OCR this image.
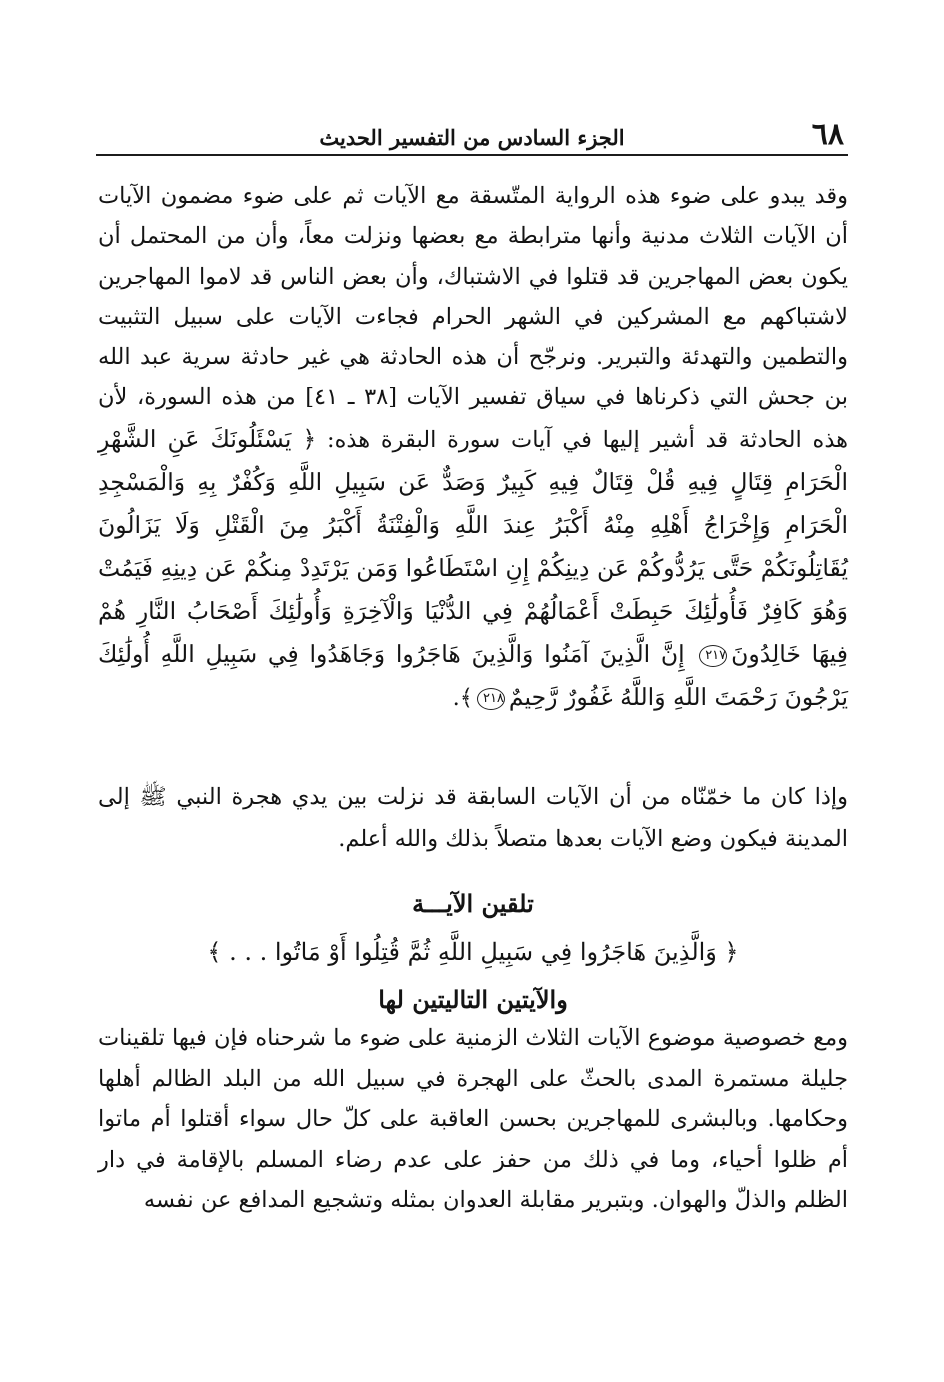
٦٨
الجزء السادس من التفسير الحديث

وقد يبدو على ضوء هذه الرواية المتّسقة مع الآيات ثم على ضوء مضمون الآيات أن الآيات الثلاث مدنية وأنها مترابطة مع بعضها ونزلت معاً، وأن من المحتمل أن يكون بعض المهاجرين قد قتلوا في الاشتباك، وأن بعض الناس قد لاموا المهاجرين لاشتباكهم مع المشركين في الشهر الحرام فجاءت الآيات على سبيل التثبيت والتطمين والتهدئة والتبرير. ونرجّح أن هذه الحادثة هي غير حادثة سرية عبد الله بن جحش التي ذكرناها في سياق تفسير الآيات [٣٨ ـ ٤١] من هذه السورة، لأن هذه الحادثة قد أشير إليها في آيات سورة البقرة هذه: ﴿ يَسْئَلُونَكَ عَنِ الشَّهْرِ الْحَرَامِ قِتَالٍ فِيهِ قُلْ قِتَالٌ فِيهِ كَبِيرٌ وَصَدٌّ عَن سَبِيلِ اللَّهِ وَكُفْرٌ بِهِ وَالْمَسْجِدِ الْحَرَامِ وَإِخْرَاجُ أَهْلِهِ مِنْهُ أَكْبَرُ عِندَ اللَّهِ وَالْفِتْنَةُ أَكْبَرُ مِنَ الْقَتْلِ وَلَا يَزَالُونَ يُقَاتِلُونَكُمْ حَتَّى يَرُدُّوكُمْ عَن دِينِكُمْ إِنِ اسْتَطَاعُوا وَمَن يَرْتَدِدْ مِنكُمْ عَن دِينِهِ فَيَمُتْ وَهُوَ كَافِرٌ فَأُولَٰئِكَ حَبِطَتْ أَعْمَالُهُمْ فِي الدُّنْيَا وَالْآخِرَةِ وَأُولَٰئِكَ أَصْحَابُ النَّارِ هُمْ فِيهَا خَالِدُونَ٢١٧ إِنَّ الَّذِينَ آمَنُوا وَالَّذِينَ هَاجَرُوا وَجَاهَدُوا فِي سَبِيلِ اللَّهِ أُولَٰئِكَ يَرْجُونَ رَحْمَتَ اللَّهِ وَاللَّهُ غَفُورٌ رَّحِيمٌ٢١٨﴾.

وإذا كان ما خمّنّاه من أن الآيات السابقة قد نزلت بين يدي هجرة النبي ﷺ إلى المدينة فيكون وضع الآيات بعدها متصلاً بذلك والله أعلم.

تلقين الآيـــة

﴿ وَالَّذِينَ هَاجَرُوا فِي سَبِيلِ اللَّهِ ثُمَّ قُتِلُوا أَوْ مَاتُوا . . . ﴾

والآيتين التاليتين لها

ومع خصوصية موضوع الآيات الثلاث الزمنية على ضوء ما شرحناه فإن فيها تلقينات جليلة مستمرة المدى بالحثّ على الهجرة في سبيل الله من البلد الظالم أهلها وحكامها. وبالبشرى للمهاجرين بحسن العاقبة على كلّ حال سواء أقتلوا أم ماتوا أم ظلوا أحياء، وما في ذلك من حفز على عدم رضاء المسلم بالإقامة في دار الظلم والذلّ والهوان. وبتبرير مقابلة العدوان بمثله وتشجيع المدافع عن نفسه
